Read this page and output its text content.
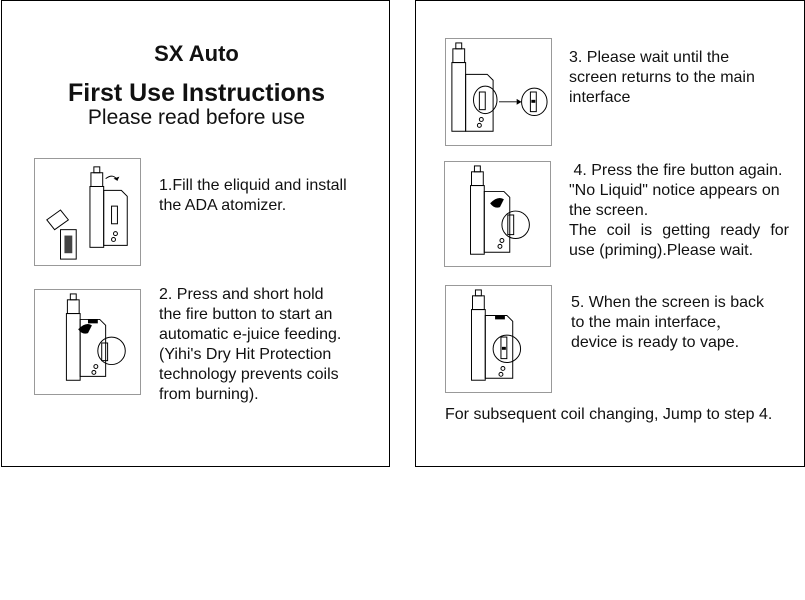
SX Auto
First Use Instructions
Please read before use
1.Fill the eliquid and install
the ADA atomizer.
2. Press and short hold
the fire button to start an
automatic e-juice feeding.
(Yihi's Dry Hit Protection
technology prevents coils
from burning).
3. Please wait until the
screen returns to the main
interface
4. Press the fire button again.
"No Liquid" notice appears on
the screen.
The coil is getting ready for
use (priming).Please wait.
5. When the screen is back
to the main interface，
device is ready to vape.
For subsequent coil changing, Jump to step 4.
